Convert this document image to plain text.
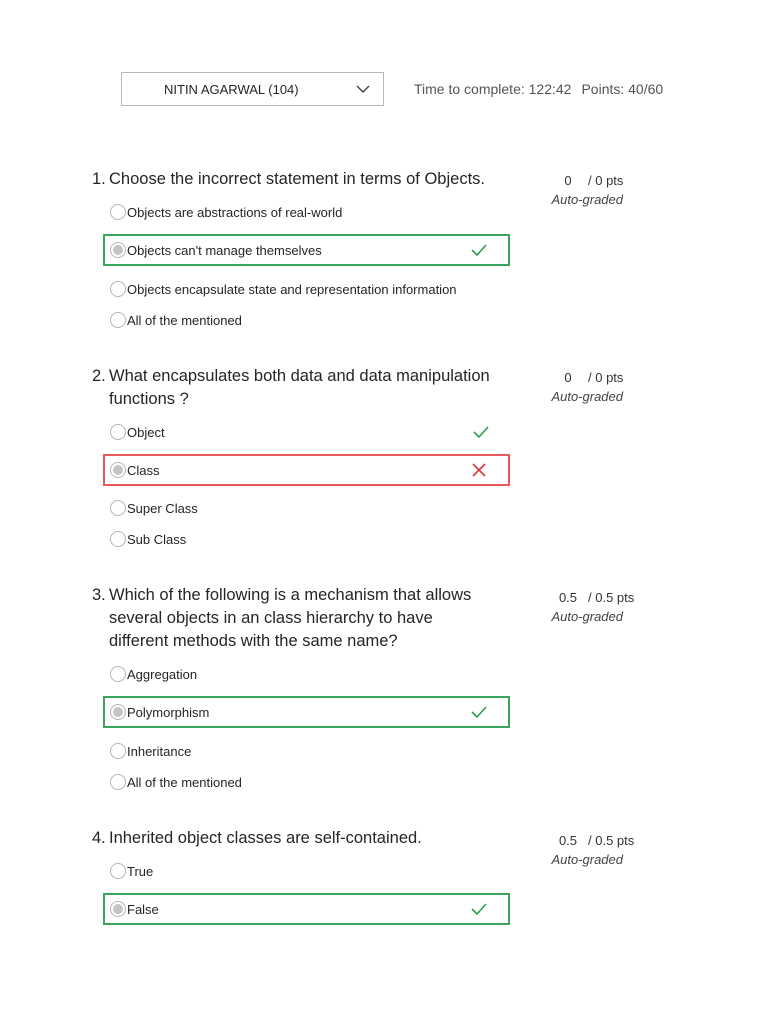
NITIN AGARWAL (104)	Time to complete: 122:42 Points: 40/60
1. Choose the incorrect statement in terms of Objects.	0	/ 0 pts
Auto-graded
Objects are abstractions of real-world
Objects can't manage themselves
Objects encapsulate state and representation information
All of the mentioned
2. What encapsulates both data and data manipulation functions ?
0	/ 0 pts
Auto-graded
Object
Class
Super Class
Sub Class
3. Which of the following is a mechanism that allows several objects in an class hierarchy to have different methods with the same name?
0.5 / 0.5 pts
Auto-graded
Aggregation
Polymorphism
Inheritance
All of the mentioned
4. Inherited object classes are self-contained.	0.5 / 0.5 pts
Auto-graded
True
False
